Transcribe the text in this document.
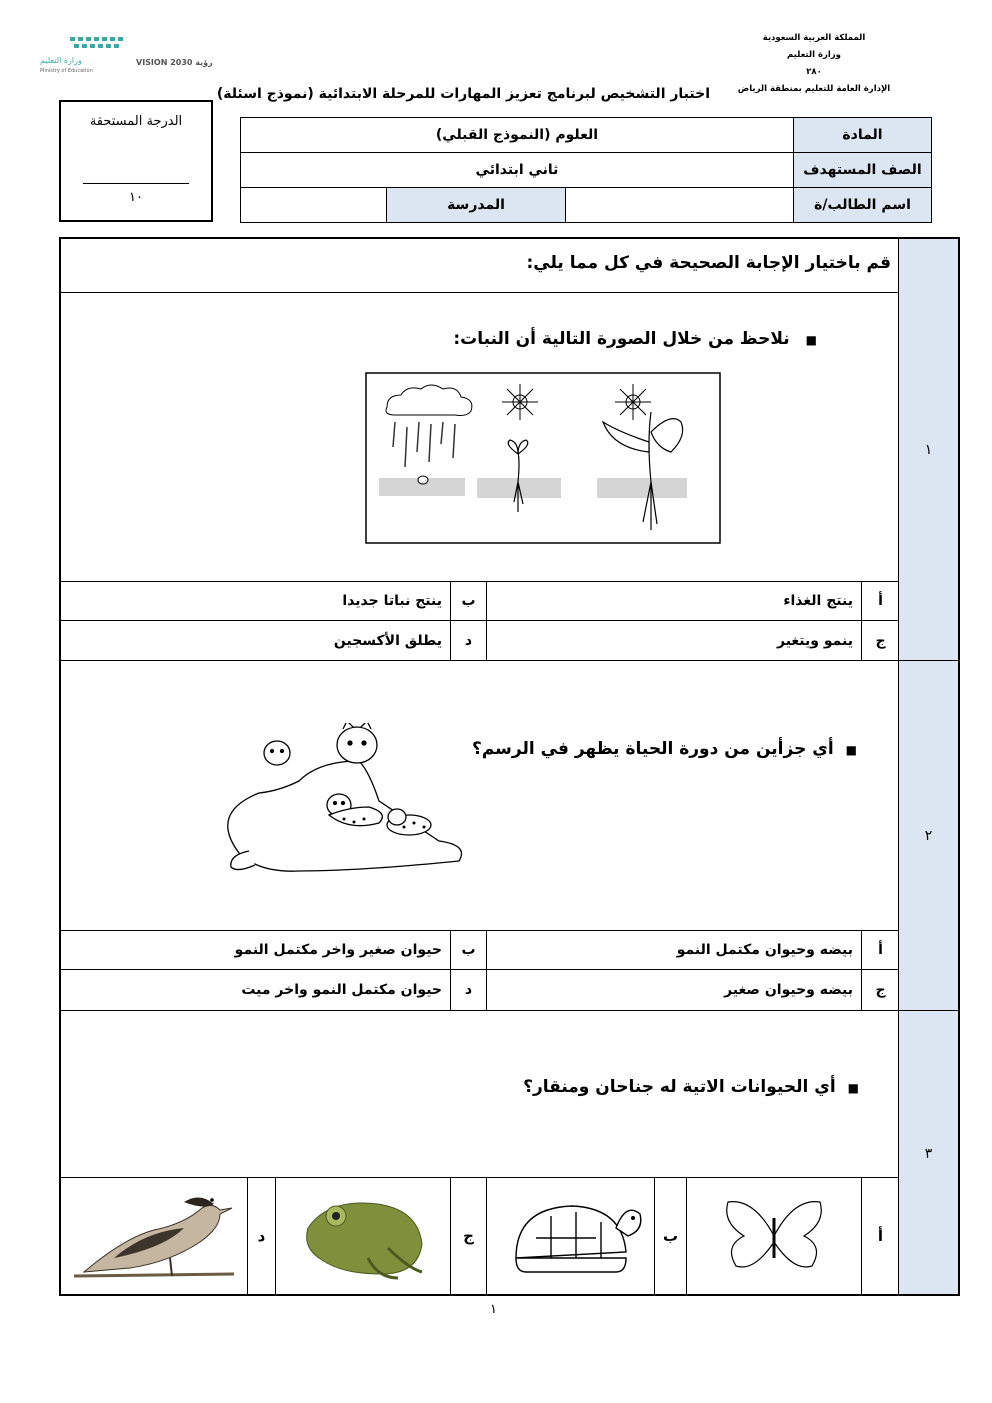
المملكة العربية السعودية
وزارة التعليم
٢٨٠
الإدارة العامة للتعليم بمنطقة الرياض
وزارة التعليم
Ministry of Education
VISION رؤية 2030
(نموذج اسئلة) اختبار التشخيص لبرنامج تعزيز المهارات للمرحلة الابتدائية
الدرجة المستحقة
١٠
المادة	العلوم (النموذج القبلي)		
الصف المستهدف	ثاني ابتدائي		
اسم الطالب/ة		المدرسة	
١
٢
٣
قم باختيار الإجابة الصحيحة في كل مما يلي:
■نلاحظ من خلال الصورة التالية أن النبات:
أ
ينتج الغذاء
ب
ينتج نباتا جديدا
ج
ينمو ويتغير
د
يطلق الأكسجين
■أي جزأين من دورة الحياة يظهر في الرسم؟
أ
بيضه وحيوان مكتمل النمو
ب
حيوان صغير واخر مكتمل النمو
ج
بيضه وحيوان صغير
د
حيوان مكتمل النمو واخر ميت
■أي الحيوانات الاتية له جناحان ومنقار؟
أ
ب
ج
د
١
